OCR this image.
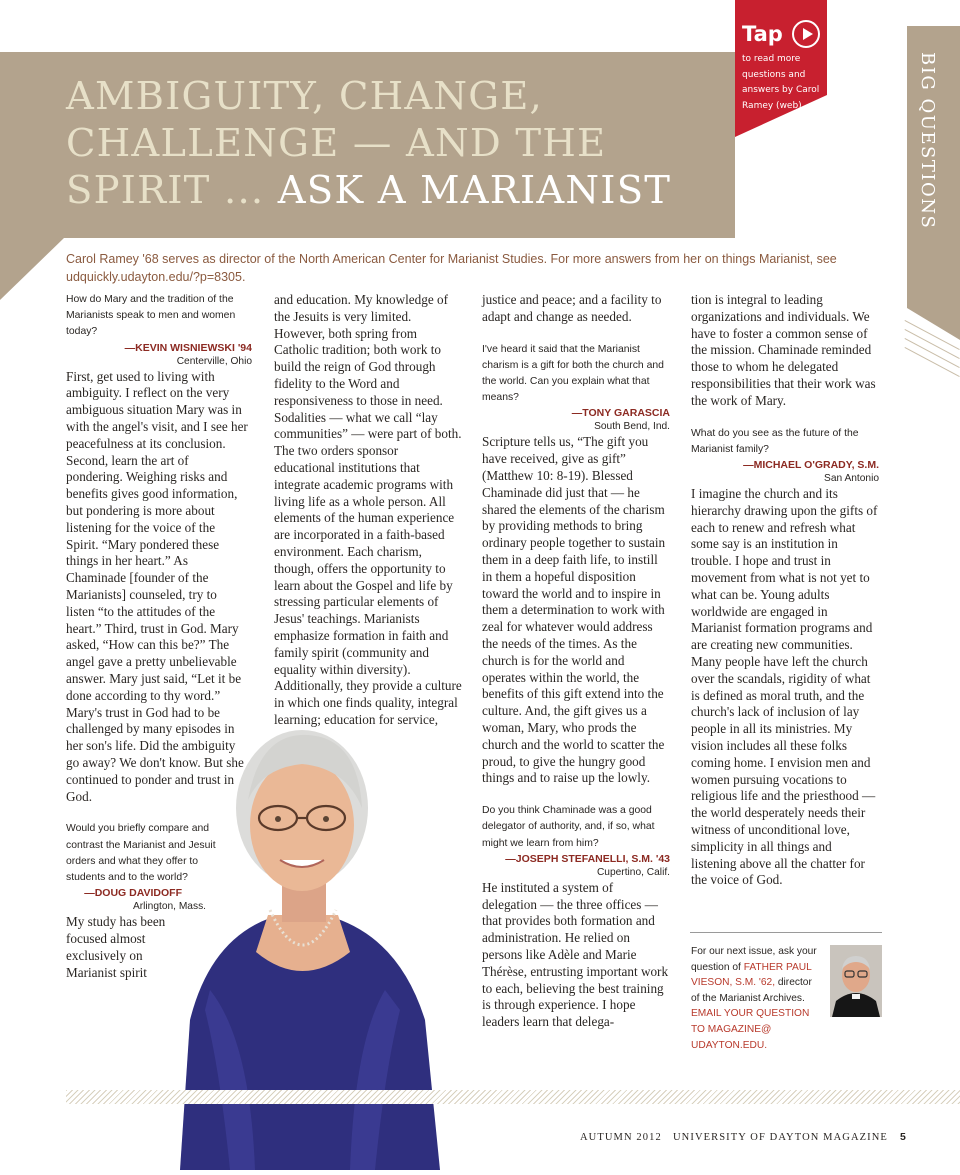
AMBIGUITY, CHANGE,
CHALLENGE — AND THE
SPIRIT ... ASK A MARIANIST
Tap
to read more questions and answers by Carol Ramey (web).	BIG QUESTIONS
Carol Ramey '68 serves as director of the North American Center for Marianist Studies. For more answers from her on things Marianist, see udquickly.udayton.edu/?p=8305.

How do Mary and the tradition of the Marianists speak to men and women today?

—KEVIN WISNIEWSKI '94

Centerville, Ohio

First, get used to living with ambiguity. I reflect on the very ambiguous situation Mary was in with the angel's visit, and I see her peacefulness at its conclusion. Second, learn the art of pondering. Weighing risks and benefits gives good information, but pondering is more about listening for the voice of the Spirit. “Mary pondered these things in her heart.” As Chaminade [founder of the Marianists] counseled, try to listen “to the attitudes of the heart.” Third, trust in God. Mary asked, “How can this be?” The angel gave a pretty unbelievable answer. Mary just said, “Let it be done according to thy word.” Mary's trust in God had to be challenged by many episodes in her son's life. Did the ambiguity go away? We don't know. But she continued to ponder and trust in God.

Would you briefly compare and contrast the Marianist and Jesuit orders and what they offer to students and to the world?

—DOUG DAVIDOFF

Arlington, Mass.

My study has been focused almost exclusively on Marianist spirit

and education. My knowledge of the Jesuits is very limited. However, both spring from Catholic tradition; both work to build the reign of God through fidelity to the Word and responsiveness to those in need. Sodalities — what we call “lay communities” — were part of both. The two orders sponsor educational institutions that integrate academic programs with living life as a whole person. All elements of the human experience are incorporated in a faith-based environment. Each charism, though, offers the opportunity to learn about the Gospel and life by stressing particular elements of Jesus' teachings. Marianists emphasize formation in faith and family spirit (community and equality within diversity). Additionally, they provide a culture in which one finds quality, integral learning; education for service,

justice and peace; and a facility to adapt and change as needed.

I've heard it said that the Marianist charism is a gift for both the church and the world. Can you explain what that means?

—TONY GARASCIA

South Bend, Ind.

Scripture tells us, “The gift you have received, give as gift” (Matthew 10: 8-19). Blessed Chaminade did just that — he shared the elements of the charism by providing methods to bring ordinary people together to sustain them in a deep faith life, to instill in them a hopeful disposition toward the world and to inspire in them a determination to work with zeal for whatever would address the needs of the times. As the church is for the world and operates within the world, the benefits of this gift extend into the culture. And, the gift gives us a woman, Mary, who prods the church and the world to scatter the proud, to give the hungry good things and to raise up the lowly.

Do you think Chaminade was a good delegator of authority, and, if so, what might we learn from him?

—JOSEPH STEFANELLI, S.M. '43

Cupertino, Calif.

He instituted a system of delegation — the three offices — that provides both formation and administration. He relied on persons like Adèle and Marie Thérèse, entrusting important work to each, believing the best training is through experience. I hope leaders learn that delega-

tion is integral to leading organizations and individuals. We have to foster a common sense of the mission. Chaminade reminded those to whom he delegated responsibilities that their work was the work of Mary.

What do you see as the future of the Marianist family?

—MICHAEL O'GRADY, S.M.

San Antonio

I imagine the church and its hierarchy drawing upon the gifts of each to renew and refresh what some say is an institution in trouble. I hope and trust in movement from what is not yet to what can be. Young adults worldwide are engaged in Marianist formation programs and are creating new communities. Many people have left the church over the scandals, rigidity of what is defined as moral truth, and the church's lack of inclusion of lay people in all its ministries. My vision includes all these folks coming home. I envision men and women pursuing vocations to religious life and the priesthood — the world desperately needs their witness of unconditional love, simplicity in all things and listening above all the chatter for the voice of God.

For our next issue, ask your question of FATHER PAUL VIESON, S.M. '62, director of the Marianist Archives. EMAIL YOUR QUESTION TO MAGAZINE@ UDAYTON.EDU.
AUTUMN 2012   UNIVERSITY OF DAYTON MAGAZINE 5
